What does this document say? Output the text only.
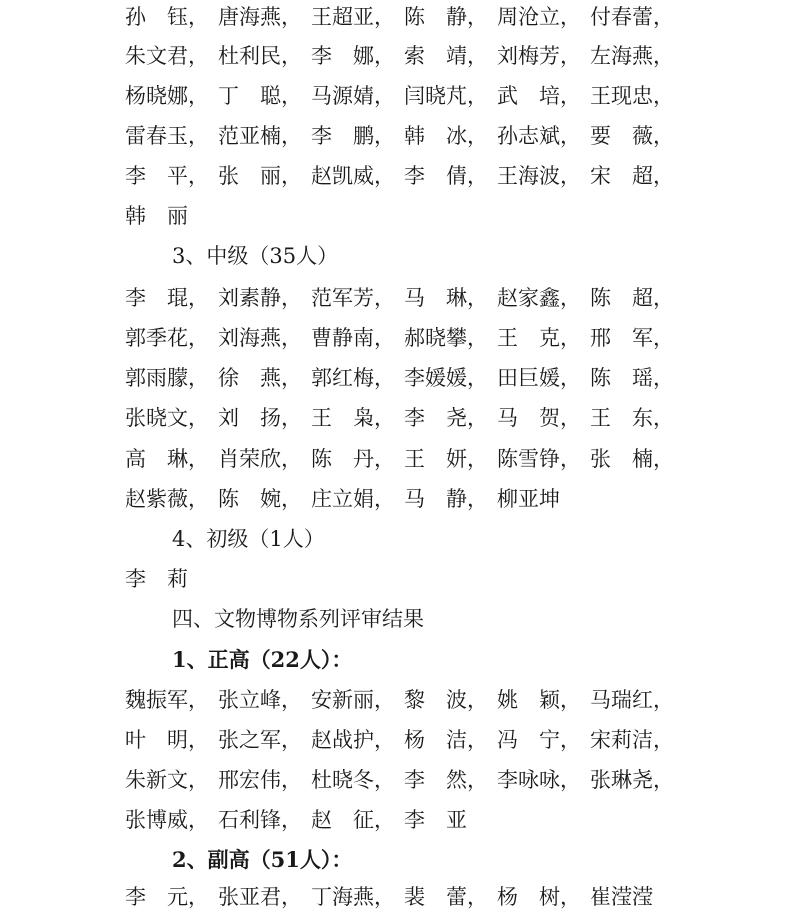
孙　钰， 唐海燕， 王超亚， 陈　静， 周沧立， 付春蕾，
朱文君， 杜利民， 李　娜， 索　靖， 刘梅芳， 左海燕，
杨晓娜， 丁　聪， 马源婧， 闫晓芃， 武　培， 王现忠，
雷春玉， 范亚楠， 李　鹏， 韩　冰， 孙志斌， 要　薇，
李　平， 张　丽， 赵凯威， 李　倩， 王海波， 宋　超，
韩　丽
3、中级（35人）
李　琨， 刘素静， 范军芳， 马　琳， 赵家鑫， 陈　超，
郭季花， 刘海燕， 曹静南， 郝晓攀， 王　克， 邢　军，
郭雨朦， 徐　燕， 郭红梅， 李媛媛， 田巨媛， 陈　瑶，
张晓文， 刘　扬， 王　枭， 李　尧， 马　贺， 王　东，
高　琳， 肖荣欣， 陈　丹， 王　妍， 陈雪铮， 张　楠，
赵紫薇， 陈　婉， 庄立娟， 马　静， 柳亚坤
4、初级（1人）
李　莉
四、文物博物系列评审结果
1、正高（22人）：
魏振军， 张立峰， 安新丽， 黎　波， 姚　颖， 马瑞红，
叶　明， 张之军， 赵战护， 杨　洁， 冯　宁， 宋莉洁，
朱新文， 邢宏伟， 杜晓冬， 李　然， 李咏咏， 张琳尧，
张博威， 石利锋， 赵　征， 李　亚
2、副高（51人）：
李　元， 张亚君， 丁海燕， 裴　蕾， 杨　树， 崔滢滢
